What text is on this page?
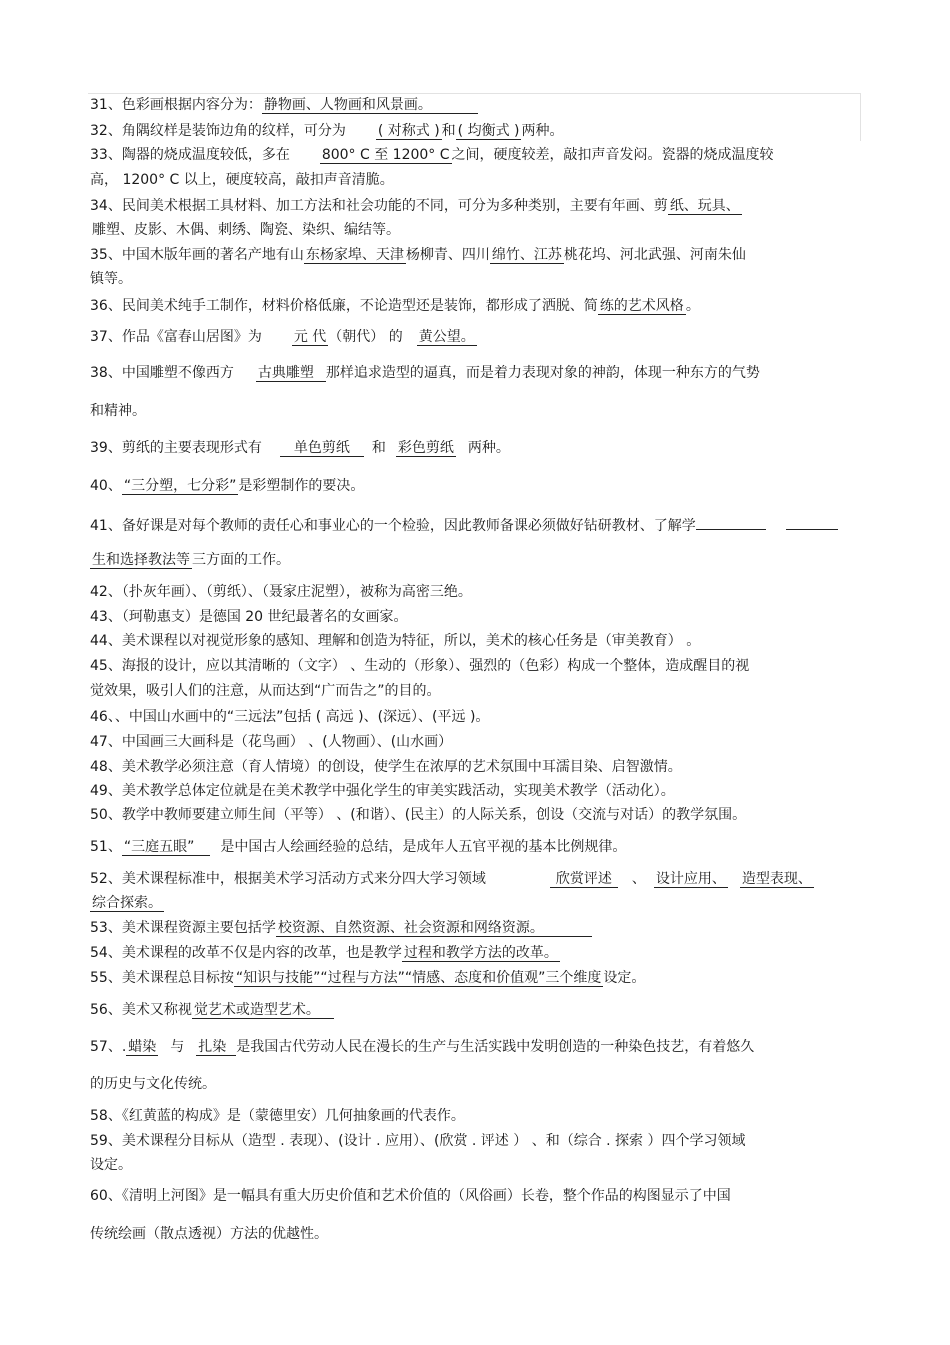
31、色彩画根据内容分为： 静物画、人物画和风景画。
32、角隅纹样是装饰边角的纹样，可分为 ( 对称式 ) 和 ( 均衡式 ) 两种。
33、陶器的烧成温度较低，多在 800° C 至 1200° C 之间，硬度较差，敲扣声音发闷。瓷器的烧成温度较
高， 1200° C 以上，硬度较高，敲扣声音清脆。
34、民间美术根据工具材料、加工方法和社会功能的不同，可分为多种类别，主要有年画、剪 纸、玩具、
雕塑、皮影、木偶、刺绣、陶瓷、染织、编结等。
35、中国木版年画的著名产地有山 东杨家埠、天津 杨柳青、四川 绵竹、江苏 桃花坞、河北武强、河南朱仙
镇等。
36、民间美术纯手工制作，材料价格低廉，不论造型还是装饰，都形成了洒脱、简 练的艺术风格 。
37、作品《富春山居图》为 元 代 （朝代） 的 黄公望。
38、中国雕塑不像西方 古典雕塑 那样追求造型的逼真，而是着力表现对象的神韵，体现一种东方的气势
和精神。
39、剪纸的主要表现形式有 单色剪纸 和 彩色剪纸 两种。
40、 “三分塑，七分彩” 是彩塑制作的要决。
41、备好课是对每个教师的责任心和事业心的一个检验，因此教师备课必须做好钻研教材、了解学
生和选择教法等 三方面的工作。
42、（扑灰年画）、（剪纸）、（聂家庄泥塑），被称为高密三绝。
43、（珂勒惠支）是德国 20 世纪最著名的女画家。
44、美术课程以对视觉形象的感知、理解和创造为特征，所以，美术的核心任务是（审美教育） 。
45、海报的设计，应以其清晰的（文字） 、生动的（形象）、强烈的（色彩）构成一个整体，造成醒目的视
觉效果，吸引人们的注意，从而达到“广而告之”的目的。
46、、中国山水画中的“三远法”包括 ( 高远 )、(深远）、(平远 )。
47、中国画三大画科是（花鸟画） 、(人物画）、(山水画）
48、美术教学必须注意（育人情境）的创设，使学生在浓厚的艺术氛围中耳濡目染、启智激情。
49、美术教学总体定位就是在美术教学中强化学生的审美实践活动，实现美术教学（活动化）。
50、教学中教师要建立师生间（平等） 、(和谐）、(民主）的人际关系，创设（交流与对话）的教学氛围。
51、 “三庭五眼” 是中国古人绘画经验的总结，是成年人五官平视的基本比例规律。
52、美术课程标准中，根据美术学习活动方式来分四大学习领域	欣赏评述 、 设计应用、 造型表现、
综合探索。
53、美术课程资源主要包括学 校资源、自然资源、社会资源和网络资源。
54、美术课程的改革不仅是内容的改革，也是教学 过程和教学方法的改革。
55、美术课程总目标按 “知识与技能”“过程与方法”“情感、态度和价值观”三个维度 设定。
56、美术又称视 觉艺术或造型艺术。
57、. 蜡染 与 扎染 是我国古代劳动人民在漫长的生产与生活实践中发明创造的一种染色技艺，有着悠久
的历史与文化传统。
58、《红黄蓝的构成》是（蒙德里安）几何抽象画的代表作。
59、美术课程分目标从（造型 . 表现）、(设计 . 应用）、(欣赏 . 评述 ） 、和（综合 . 探索 ）四个学习领域
设定。
60、《清明上河图》是一幅具有重大历史价值和艺术价值的（风俗画）长卷，整个作品的构图显示了中国
传统绘画（散点透视）方法的优越性。
